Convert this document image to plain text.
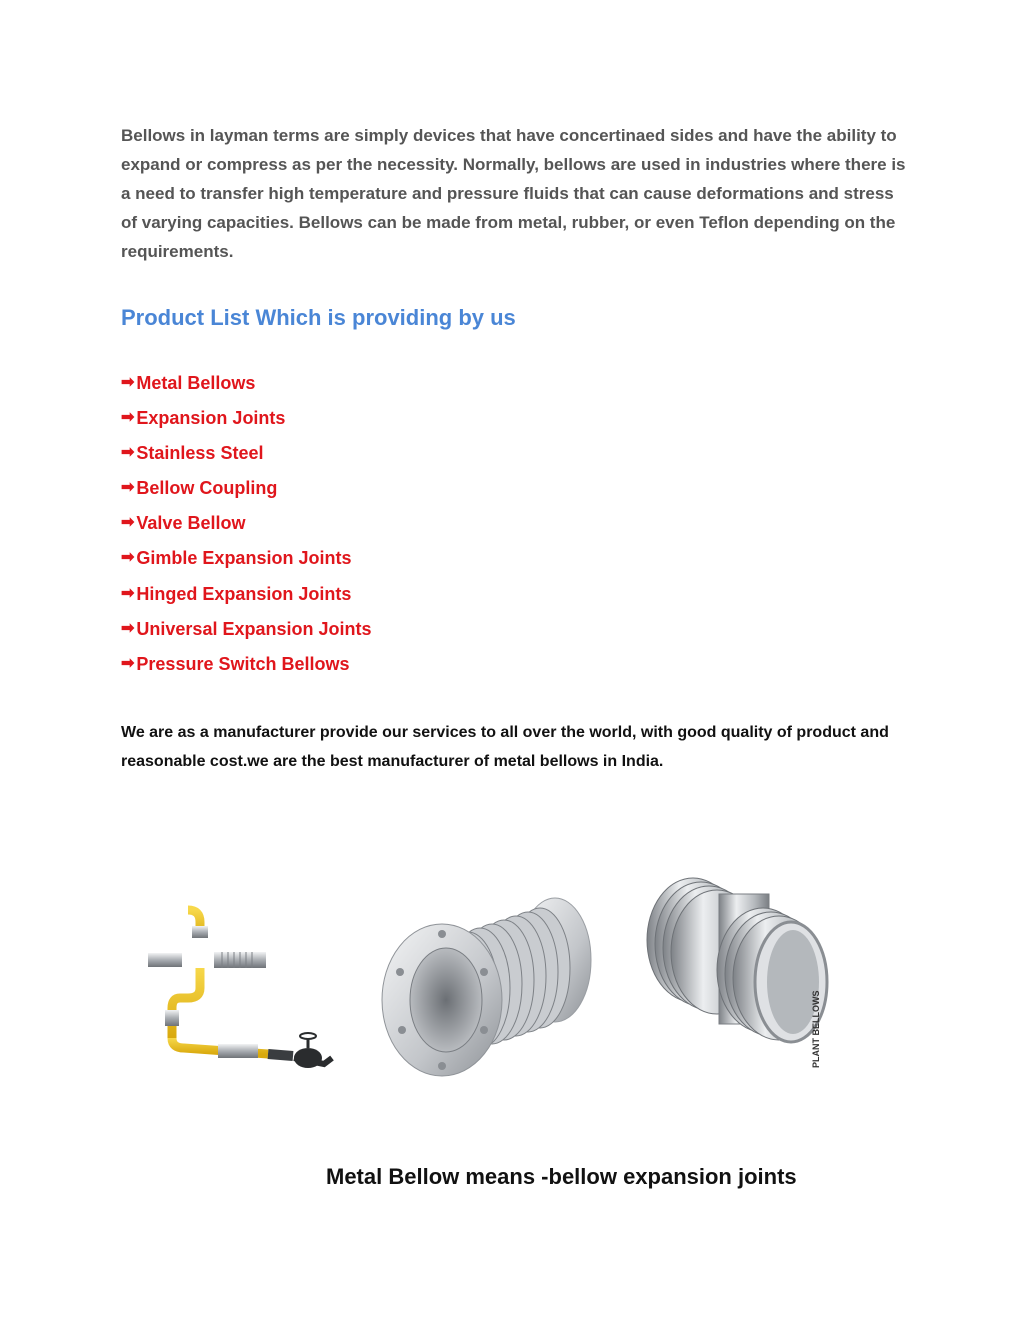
Bellows in layman terms are simply devices that have concertinaed sides and have the ability to expand or compress as per the necessity. Normally, bellows are used in industries where there is a need to transfer high temperature and pressure fluids that can cause deformations and stress of varying capacities. Bellows can be made from metal, rubber, or even Teflon depending on the requirements.

Product List Which is providing by us
➡ Metal Bellows
➡ Expansion Joints
➡ Stainless Steel
➡ Bellow Coupling
➡ Valve Bellow
➡ Gimble Expansion Joints
➡ Hinged Expansion Joints
➡ Universal Expansion Joints
➡ Pressure Switch Bellows

We are as a manufacturer provide our services to all over the world, with good quality of product and reasonable cost.we are the best manufacturer of metal bellows in India.

PLANT BELLOWS

Metal Bellow means -bellow expansion joints
